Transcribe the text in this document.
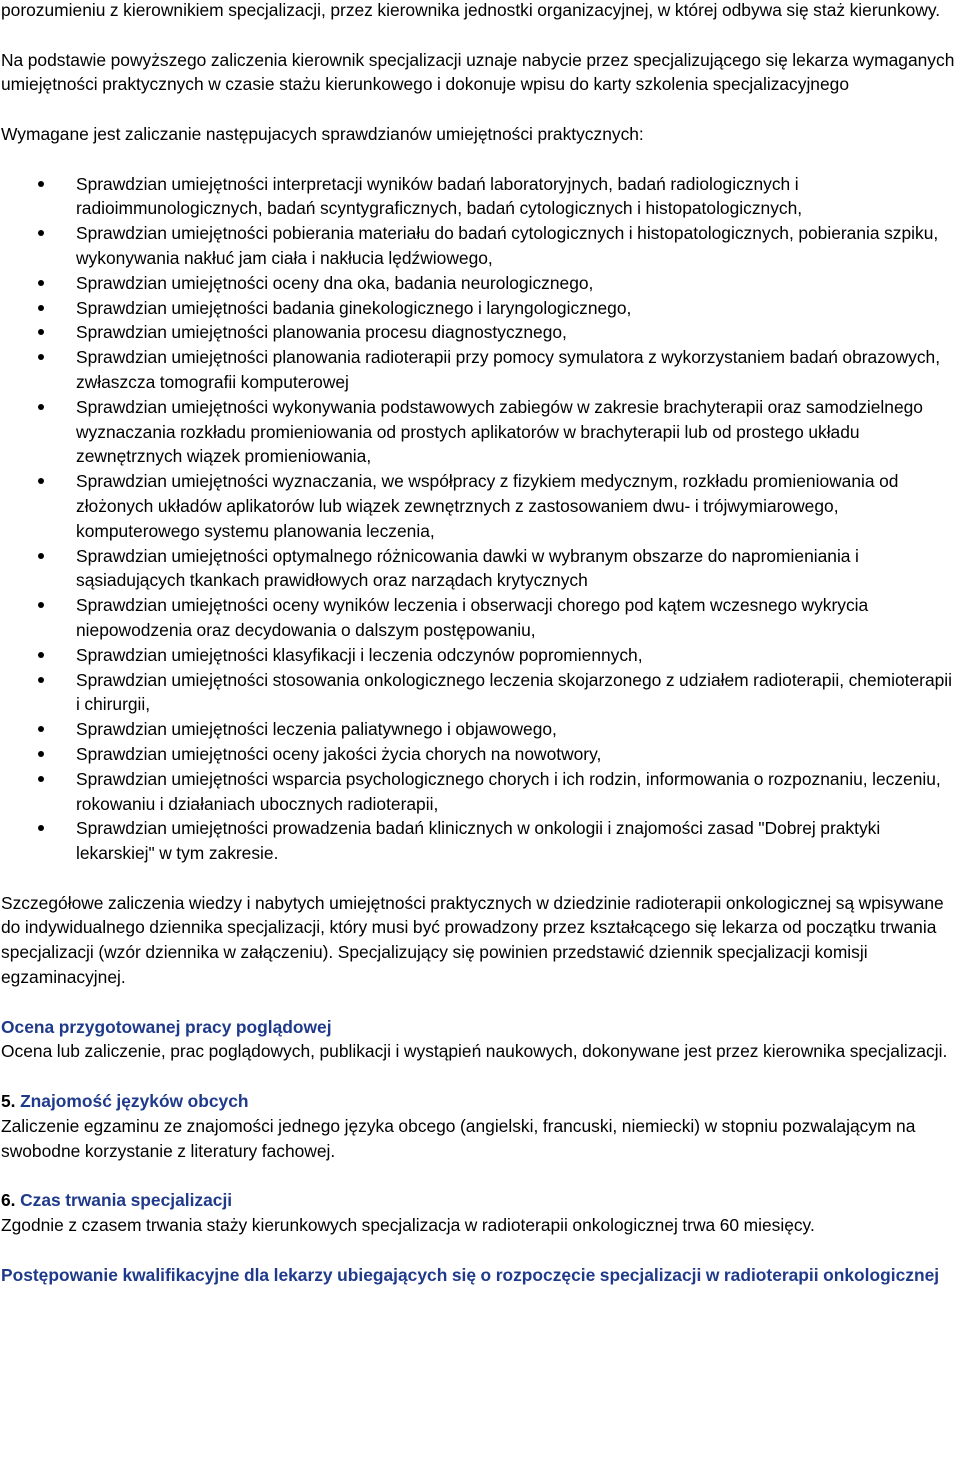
porozumieniu z kierownikiem specjalizacji, przez kierownika jednostki organizacyjnej, w której odbywa się staż kierunkowy.

Na podstawie powyższego zaliczenia kierownik specjalizacji uznaje nabycie przez specjalizującego się lekarza wymaganych umiejętności praktycznych w czasie stażu kierunkowego i dokonuje wpisu do karty szkolenia specjalizacyjnego

Wymagane jest zaliczanie następujacych sprawdzianów umiejętności praktycznych:

Sprawdzian umiejętności interpretacji wyników badań laboratoryjnych, badań radiologicznych i radioimmunologicznych, badań scyntygraficznych, badań cytologicznych i histopatologicznych,
Sprawdzian umiejętności pobierania materiału do badań cytologicznych i histopatologicznych, pobierania szpiku, wykonywania nakłuć jam ciała i nakłucia lędźwiowego,
Sprawdzian umiejętności oceny dna oka, badania neurologicznego,
Sprawdzian umiejętności badania ginekologicznego i laryngologicznego,
Sprawdzian umiejętności planowania procesu diagnostycznego,
Sprawdzian umiejętności planowania radioterapii przy pomocy symulatora z wykorzystaniem badań obrazowych, zwłaszcza tomografii komputerowej
Sprawdzian umiejętności wykonywania podstawowych zabiegów w zakresie brachyterapii oraz samodzielnego wyznaczania rozkładu promieniowania od prostych aplikatorów w brachyterapii lub od prostego układu zewnętrznych wiązek promieniowania,
Sprawdzian umiejętności wyznaczania, we współpracy z fizykiem medycznym, rozkładu promieniowania od złożonych układów aplikatorów lub wiązek zewnętrznych z zastosowaniem dwu- i trójwymiarowego, komputerowego systemu planowania leczenia,
Sprawdzian umiejętności optymalnego różnicowania dawki w wybranym obszarze do napromieniania i sąsiadujących tkankach prawidłowych oraz narządach krytycznych
Sprawdzian umiejętności oceny wyników leczenia i obserwacji chorego pod kątem wczesnego wykrycia niepowodzenia oraz decydowania o dalszym postępowaniu,
Sprawdzian umiejętności klasyfikacji i leczenia odczynów popromiennych,
Sprawdzian umiejętności stosowania onkologicznego leczenia skojarzonego z udziałem radioterapii, chemioterapii i chirurgii,
Sprawdzian umiejętności leczenia paliatywnego i objawowego,
Sprawdzian umiejętności oceny jakości życia chorych na nowotwory,
Sprawdzian umiejętności wsparcia psychologicznego chorych i ich rodzin, informowania o rozpoznaniu, leczeniu, rokowaniu i działaniach ubocznych radioterapii,
Sprawdzian umiejętności prowadzenia badań klinicznych w onkologii i znajomości zasad "Dobrej praktyki lekarskiej" w tym zakresie.

Szczegółowe zaliczenia wiedzy i nabytych umiejętności praktycznych w dziedzinie radioterapii onkologicznej są wpisywane do indywidualnego dziennika specjalizacji, który musi być prowadzony przez kształcącego się lekarza od początku trwania specjalizacji (wzór dziennika w załączeniu). Specjalizujący się powinien przedstawić dziennik specjalizacji komisji egzaminacyjnej.

Ocena przygotowanej pracy poglądowej

Ocena lub zaliczenie, prac poglądowych, publikacji i wystąpień naukowych, dokonywane jest przez kierownika specjalizacji.

5. Znajomość języków obcych

Zaliczenie egzaminu ze znajomości jednego języka obcego (angielski, francuski, niemiecki) w stopniu pozwalającym na swobodne korzystanie z literatury fachowej.

6. Czas trwania specjalizacji

Zgodnie z czasem trwania staży kierunkowych specjalizacja w radioterapii onkologicznej trwa 60 miesięcy.

Postępowanie kwalifikacyjne dla lekarzy ubiegających się o rozpoczęcie specjalizacji w radioterapii onkologicznej
